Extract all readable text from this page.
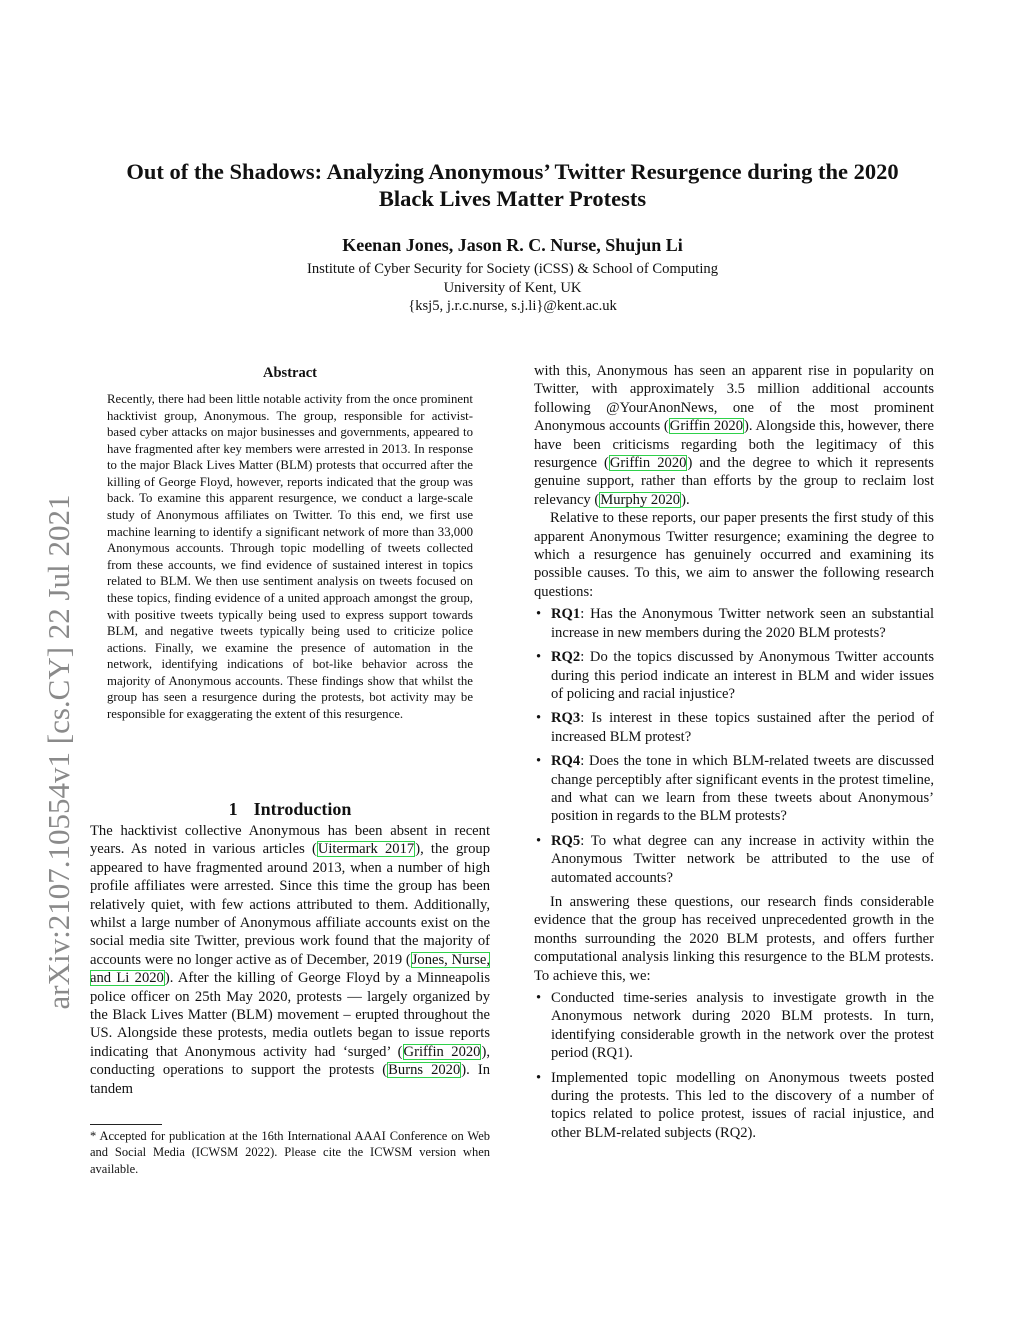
arXiv:2107.10554v1 [cs.CY] 22 Jul 2021
Out of the Shadows: Analyzing Anonymous’ Twitter Resurgence during the 2020
Black Lives Matter Protests
Keenan Jones, Jason R. C. Nurse, Shujun Li
Institute of Cyber Security for Society (iCSS) & School of Computing
University of Kent, UK
{ksj5, j.r.c.nurse, s.j.li}@kent.ac.uk
Abstract
Recently, there had been little notable activity from the once prominent hacktivist group, Anonymous. The group, responsible for activist-based cyber attacks on major businesses and governments, appeared to have fragmented after key members were arrested in 2013. In response to the major Black Lives Matter (BLM) protests that occurred after the killing of George Floyd, however, reports indicated that the group was back. To examine this apparent resurgence, we conduct a large-scale study of Anonymous affiliates on Twitter. To this end, we first use machine learning to identify a significant network of more than 33,000 Anonymous accounts. Through topic modelling of tweets collected from these accounts, we find evidence of sustained interest in topics related to BLM. We then use sentiment analysis on tweets focused on these topics, finding evidence of a united approach amongst the group, with positive tweets typically being used to express support towards BLM, and negative tweets typically being used to criticize police actions. Finally, we examine the presence of automation in the network, identifying indications of bot-like behavior across the majority of Anonymous accounts. These findings show that whilst the group has seen a resurgence during the protests, bot activity may be responsible for exaggerating the extent of this resurgence.
1 Introduction
The hacktivist collective Anonymous has been absent in recent years. As noted in various articles (Uitermark 2017), the group appeared to have fragmented around 2013, when a number of high profile affiliates were arrested. Since this time the group has been relatively quiet, with few actions attributed to them. Additionally, whilst a large number of Anonymous affiliate accounts exist on the social media site Twitter, previous work found that the majority of accounts were no longer active as of December, 2019 (Jones, Nurse, and Li 2020). After the killing of George Floyd by a Minneapolis police officer on 25th May 2020, protests — largely organized by the Black Lives Matter (BLM) movement – erupted throughout the US. Alongside these protests, media outlets began to issue reports indicating that Anonymous activity had ‘surged’ (Griffin 2020), conducting operations to support the protests (Burns 2020). In tandem
* Accepted for publication at the 16th International AAAI Conference on Web and Social Media (ICWSM 2022). Please cite the ICWSM version when available.

with this, Anonymous has seen an apparent rise in popularity on Twitter, with approximately 3.5 million additional accounts following @YourAnonNews, one of the most prominent Anonymous accounts (Griffin 2020). Alongside this, however, there have been criticisms regarding both the legitimacy of this resurgence (Griffin 2020) and the degree to which it represents genuine support, rather than efforts by the group to reclaim lost relevancy (Murphy 2020).

Relative to these reports, our paper presents the first study of this apparent Anonymous Twitter resurgence; examining the degree to which a resurgence has genuinely occurred and examining its possible causes. To this, we aim to answer the following research questions:

• RQ1: Has the Anonymous Twitter network seen an substantial increase in new members during the 2020 BLM protests?
• RQ2: Do the topics discussed by Anonymous Twitter accounts during this period indicate an interest in BLM and wider issues of policing and racial injustice?
• RQ3: Is interest in these topics sustained after the period of increased BLM protest?
• RQ4: Does the tone in which BLM-related tweets are discussed change perceptibly after significant events in the protest timeline, and what can we learn from these tweets about Anonymous’ position in regards to the BLM protests?
• RQ5: To what degree can any increase in activity within the Anonymous Twitter network be attributed to the use of automated accounts?

In answering these questions, our research finds considerable evidence that the group has received unprecedented growth in the months surrounding the 2020 BLM protests, and offers further computational analysis linking this resurgence to the BLM protests. To achieve this, we:

• Conducted time-series analysis to investigate growth in the Anonymous network during 2020 BLM protests. In turn, identifying considerable growth in the network over the protest period (RQ1).
• Implemented topic modelling on Anonymous tweets posted during the protests. This led to the discovery of a number of topics related to police protest, issues of racial injustice, and other BLM-related subjects (RQ2).
